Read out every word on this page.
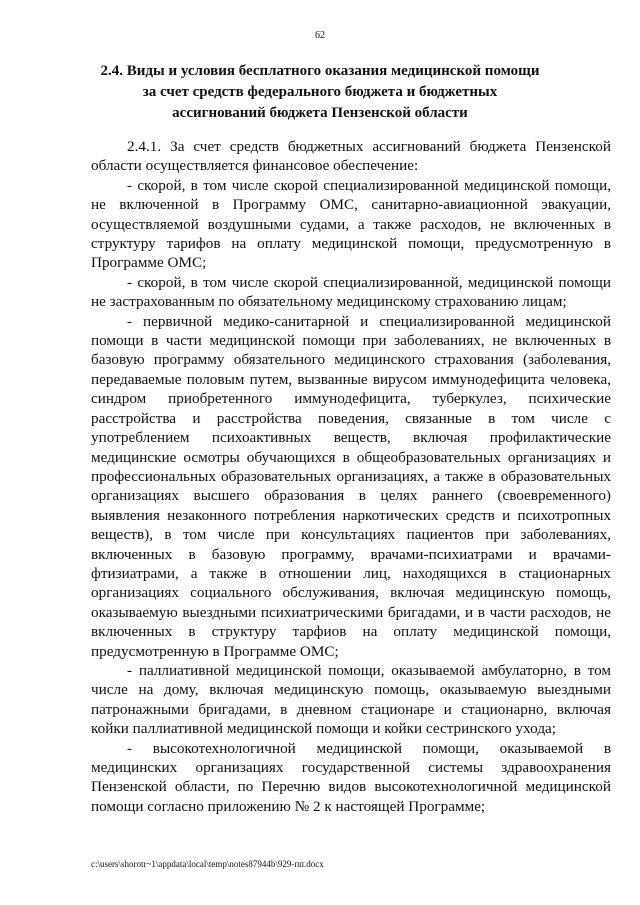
62
2.4. Виды и условия бесплатного оказания медицинской помощи
за счет средств федерального бюджета и бюджетных
ассигнований бюджета Пензенской области

2.4.1. За счет средств бюджетных ассигнований бюджета Пензенской области осуществляется финансовое обеспечение:

- скорой, в том числе скорой специализированной медицинской помощи, не включенной в Программу ОМС, санитарно-авиационной эвакуации, осуществляемой воздушными судами, а также расходов, не включенных в структуру тарифов на оплату медицинской помощи, предусмотренную в Программе ОМС;

- скорой, в том числе скорой специализированной, медицинской помощи не застрахованным по обязательному медицинскому страхованию лицам;

- первичной медико-санитарной и специализированной медицинской помощи в части медицинской помощи при заболеваниях, не включенных в базовую программу обязательного медицинского страхования (заболевания, передаваемые половым путем, вызванные вирусом иммунодефицита человека, синдром приобретенного иммунодефицита, туберкулез, психические расстройства и расстройства поведения, связанные в том числе с употреблением психоактивных веществ, включая профилактические медицинские осмотры обучающихся в общеобразовательных организациях и профессиональных образовательных организациях, а также в образовательных организациях высшего образования в целях раннего (своевременного) выявления незаконного потребления наркотических средств и психотропных веществ), в том числе при консультациях пациентов при заболеваниях, включенных в базовую программу, врачами-психиатрами и врачами-фтизиатрами, а также в отношении лиц, находящихся в стационарных организациях социального обслуживания, включая медицинскую помощь, оказываемую выездными психиатрическими бригадами, и в части расходов, не включенных в структуру тарфиов на оплату медицинской помощи, предусмотренную в Программе ОМС;

- паллиативной медицинской помощи, оказываемой амбулаторно, в том числе на дому, включая медицинскую помощь, оказываемую выездными патронажными бригадами, в дневном стационаре и стационарно, включая койки паллиативной медицинской помощи и койки сестринского ухода;

- высокотехнологичной медицинской помощи, оказываемой в медицинских организациях государственной системы здравоохранения Пензенской области, по Перечню видов высокотехнологичной медицинской помощи согласно приложению № 2 к настоящей Программе;

c:\users\shorotr~1\appdata\local\temp\notes87944b\929-пп.docx
